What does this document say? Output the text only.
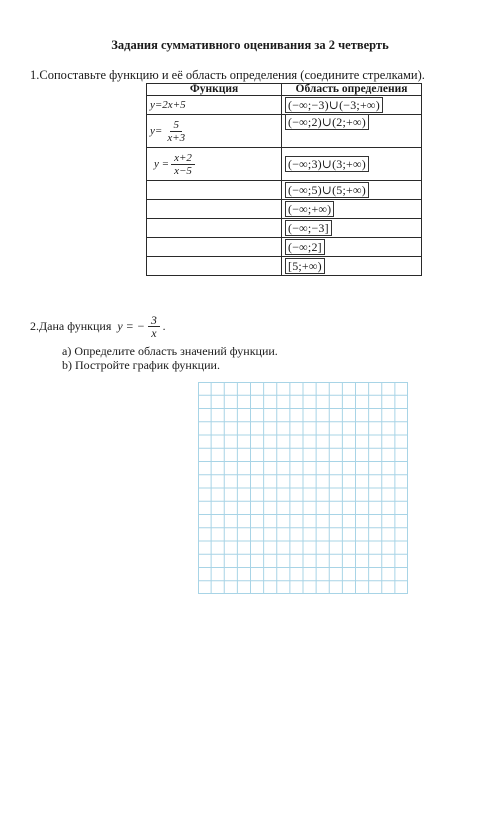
Задания суммативного оценивания за 2 четверть
1.Сопоставьте функцию и её область определения (соедините стрелками).
Функция	Область определения
y=2x+5	(−∞;−3)∪(−3;+∞)

$y= \frac{5}{x+3}$	(−∞;2)∪(2;+∞)

$y = \frac{x+2}{x-5}$	(−∞;3)∪(3;+∞)
	(−∞;5)∪(5;+∞)
	(−∞;+∞)
	(−∞;−3]
	(−∞;2]
	[5;+∞)
2.Дана функция y = − $\frac{3}{x}$ .
a) Определите область значений функции.
b) Постройте график функции.
